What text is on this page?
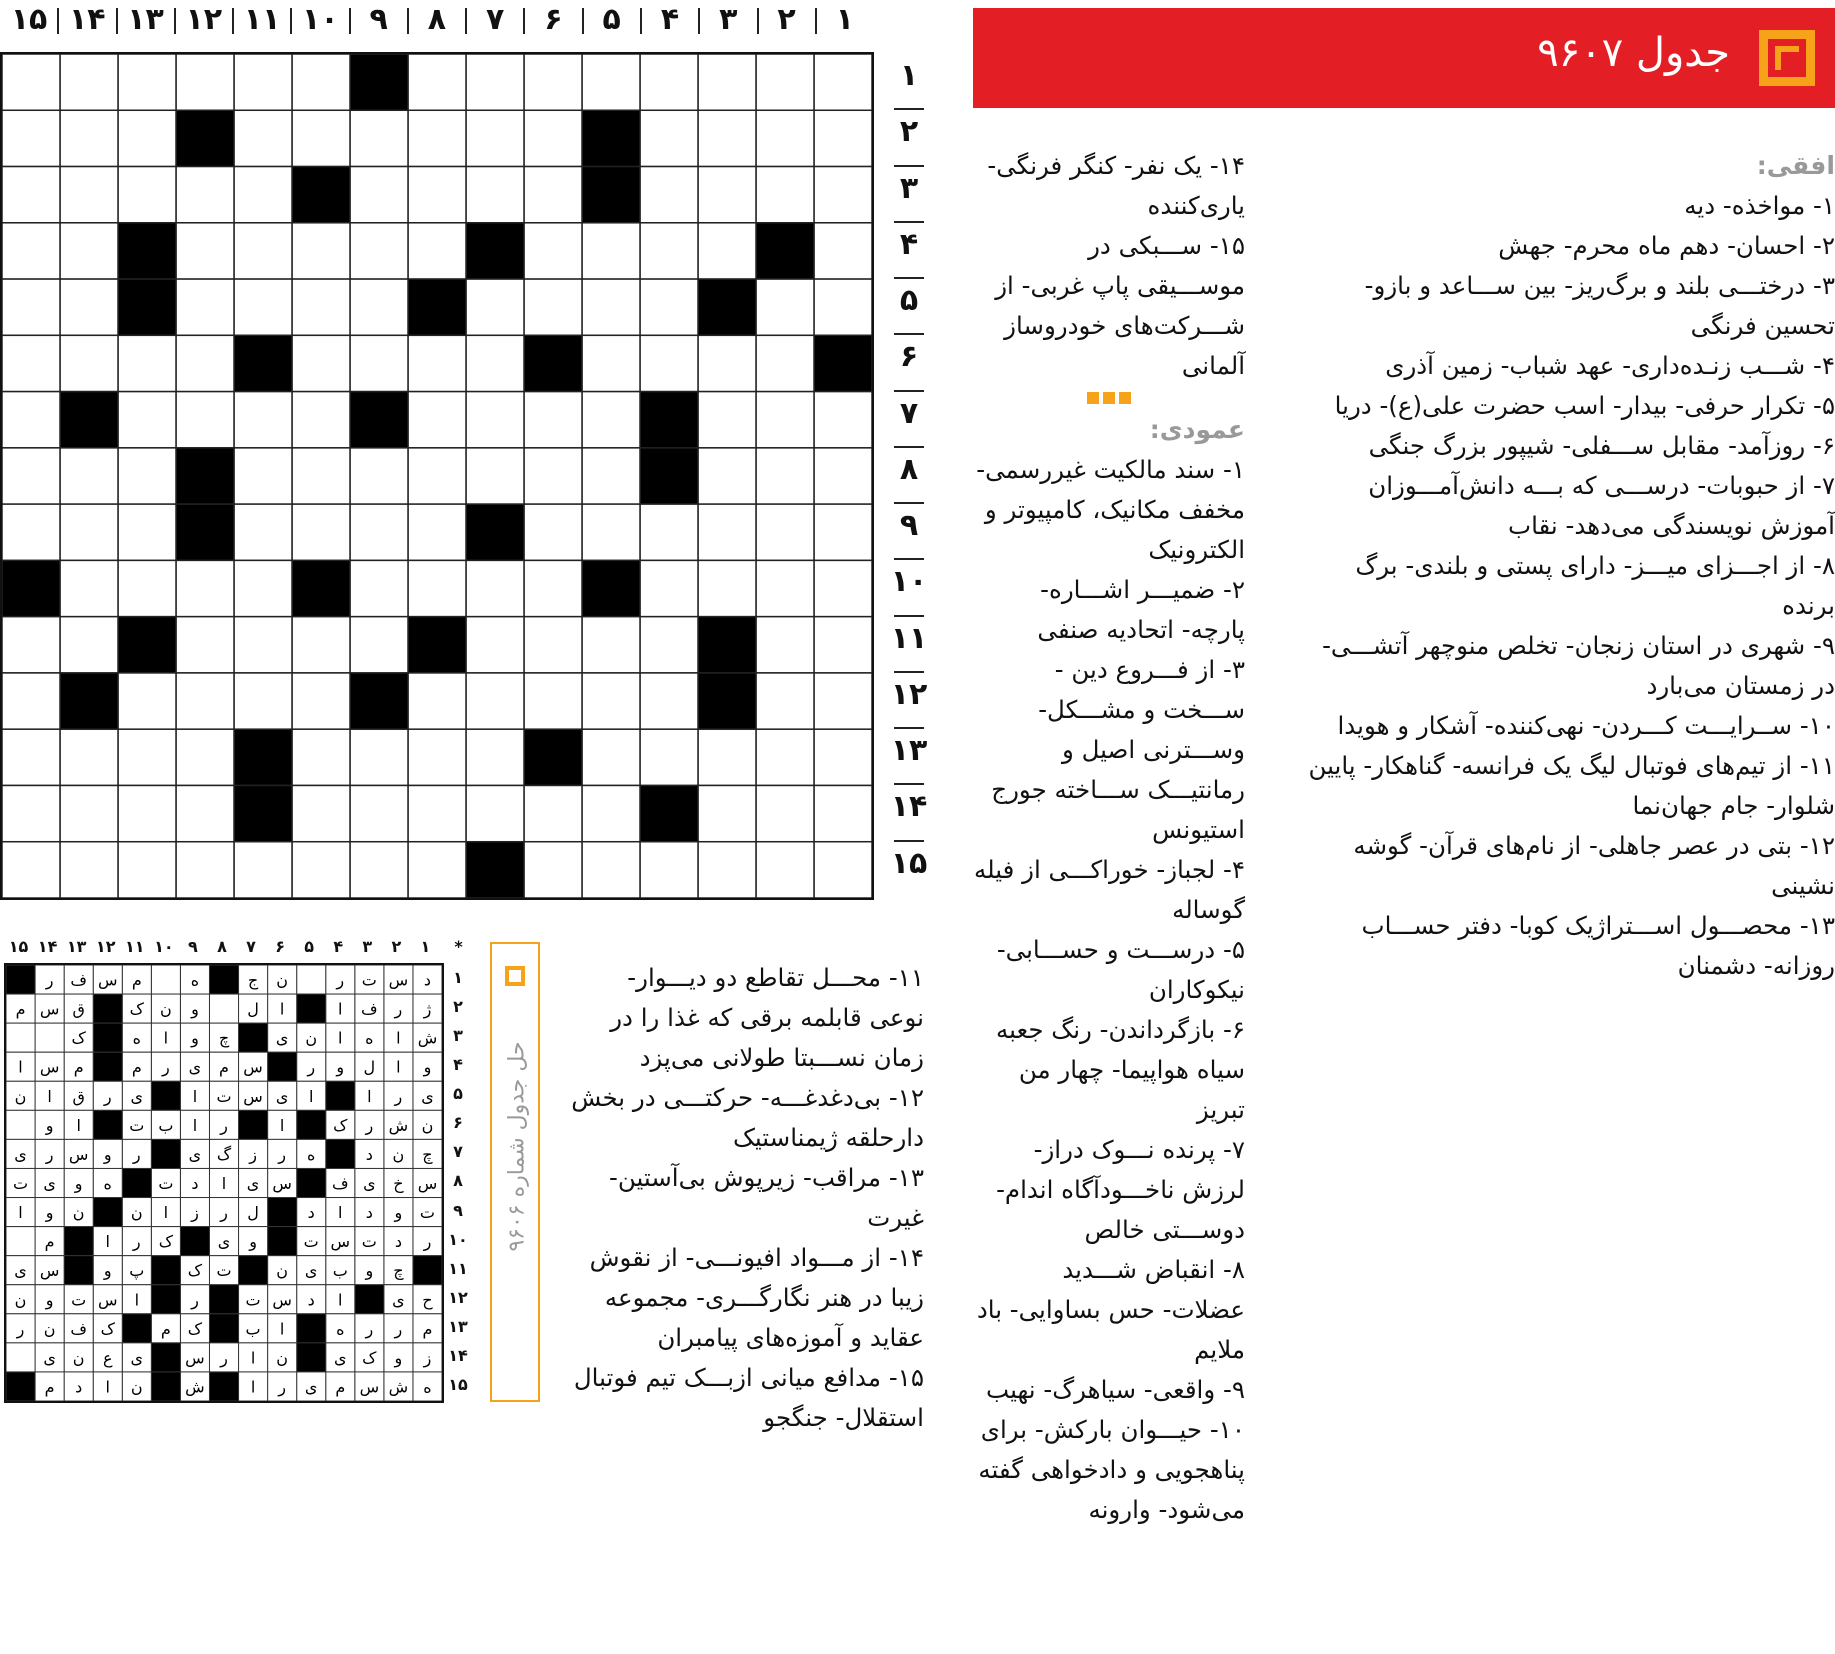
۱
۲
۳
۴
۵
۶
۷
۸
۹
۱۰
۱۱
۱۲
۱۳
۱۴
۱۵
۱
۲
۳
۴
۵
۶
۷
۸
۹
۱۰
۱۱
۱۲
۱۳
۱۴
۱۵
جدول ۹۶۰۷

افقی:

۱- مواخذه- دیه

۲- احسان- دهم ماه محرم- جهش

۳- درختـــی بلند و برگ‌ریز- بین ســـاعد و بازو- تحسین فرنگی

۴- شـــب زنـده‌داری- عهد شباب- زمین آذری

۵- تکرار حرفی- بیدار- اسب حضرت علی(ع)- دریا

۶- روزآمد- مقابل ســـفلی- شیپور بزرگ جنگی

۷- از حبوبات- درســـی که بـــه دانش‌آمـــوزان آموزش نویسندگی می‌دهد- نقاب

۸- از اجـــزای میـــز- دارای پستی و بلندی- برگ برنده

۹- شهری در استان زنجان- تخلص منوچهر آتشـــی- در زمستان می‌بارد

۱۰- ســرایـــت کـــردن- نهی‌کننده- آشکار و هویدا

۱۱- از تیم‌های فوتبال لیگ یک فرانسه- گناهکار- پایین شلوار- جام جهان‌نما

۱۲- بتی در عصر جاهلی- از نام‌های قرآن- گوشه نشینی

۱۳- محصـــول اســـتراژیک کوبا- دفتر حســـاب روزانه- دشمنان

۱۴- یک نفر- کنگر فرنگی- یاری‌کننده

۱۵- ســـبکی در موســـیقی پاپ غربی- از شـــرکت‌های خودروساز آلمانی

عمودی:

۱- سند مالکیت غیررسمی- مخفف مکانیک، کامپیوتر و الکترونیک

۲- ضمیـــر اشـــاره- پارچه- اتحادیه صنفی

۳- از فـــروع دین - ســـخت و مشـــکل- وســـترنی اصیل و رمانتیـــک ســـاخته جورج استیونس

۴- لجباز- خوراکـــی از فیله گوساله

۵- درســـت و حســـابی- نیکوکاران

۶- بازگرداندن- رنگ جعبه سیاه هواپیما- چهار من تبریز

۷- پرنده نـــوک دراز- لرزش ناخـــودآگاه اندام- دوســـتی خالص

۸- انقباض شـــدید عضلات- حس بساوایی- باد ملایم

۹- واقعی- سیاهرگ- نهیب

۱۰- حیـــوان بارکش- برای پناهجویی و دادخواهی گفته می‌شود- وارونه

۱۱- محـــل تقاطع دو دیـــوار- نوعی قابلمه برقی که غذا را در زمان نســـبتا طولانی می‌پزد

۱۲- بی‌دغدغـــه- حرکتـــی در بخش دارحلقه ژیمناستیک

۱۳- مراقب- زیرپوش بی‌آستین- غیرت

۱۴- از مـــواد افیونـــی- از نقوش زیبا در هنر نگارگـــری- مجموعه عقاید و آموزه‌های پیامبران

۱۵- مدافع میانی ازبـــک تیم فوتبال استقلال- جنگجو

حل جدول شماره ۹۶۰۶
*
۱
۲
۳
۴
۵
۶
۷
۸
۹
۱۰
۱۱
۱۲
۱۳
۱۴
۱۵
۱
۲
۳
۴
۵
۶
۷
۸
۹
۱۰
۱۱
۱۲
۱۳
۱۴
۱۵
د
س
ت
ر
ن
ج
ه
م
س
ف
ر
ژ
ر
ف
ا
ا
ل
و
ن
ک
ق
س
م
ش
ا
ه
ا
ن
ی
چ
و
ا
ه
ک
و
ا
ل
و
ر
س
م
ی
ر
م
م
س
ا
ی
ر
ا
ا
ی
س
ت
ا
ی
ر
ق
ا
ن
ن
ش
ر
ک
ا
ر
ا
ب
ت
ا
و
چ
ن
د
ه
ر
ز
گ
ی
ر
و
س
ر
ی
س
خ
ی
ف
س
ی
ا
د
ت
ه
و
ی
ت
ت
و
د
ا
د
ل
ر
ز
ا
ن
ن
و
ا
ر
د
ت
س
ت
و
ی
ک
ر
ا
م
چ
و
ب
ی
ن
ت
ک
پ
و
س
ی
ح
ی
ا
د
س
ت
ر
ا
س
ت
و
ن
م
ر
ر
ه
ا
ب
ک
م
ک
ف
ن
ر
ز
و
ک
ی
ن
ا
ر
س
ی
ع
ن
ی
ه
ش
س
م
ی
ر
ا
ش
ن
ا
د
م
